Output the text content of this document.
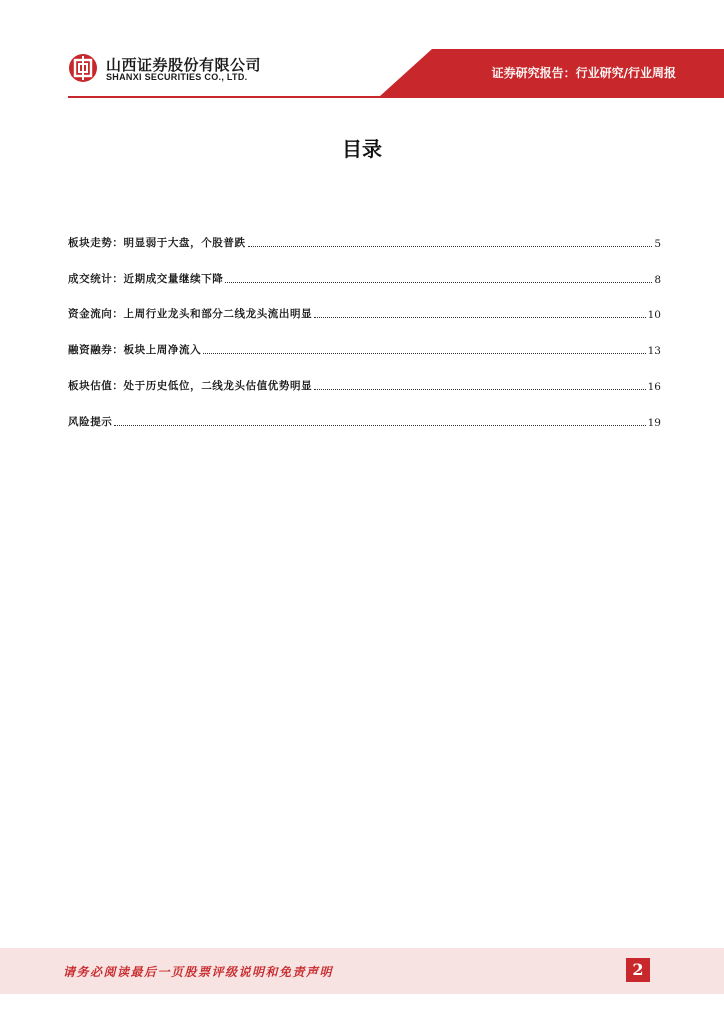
山西证券股份有限公司
SHANXI SECURITIES CO., LTD.	证券研究报告：行业研究/行业周报
目录
板块走势：明显弱于大盘，个股普跌	5
成交统计：近期成交量继续下降	8
资金流向：上周行业龙头和部分二线龙头流出明显	10
融资融券：板块上周净流入	13
板块估值：处于历史低位，二线龙头估值优势明显	16
风险提示	19
请务必阅读最后一页股票评级说明和免责声明	2
